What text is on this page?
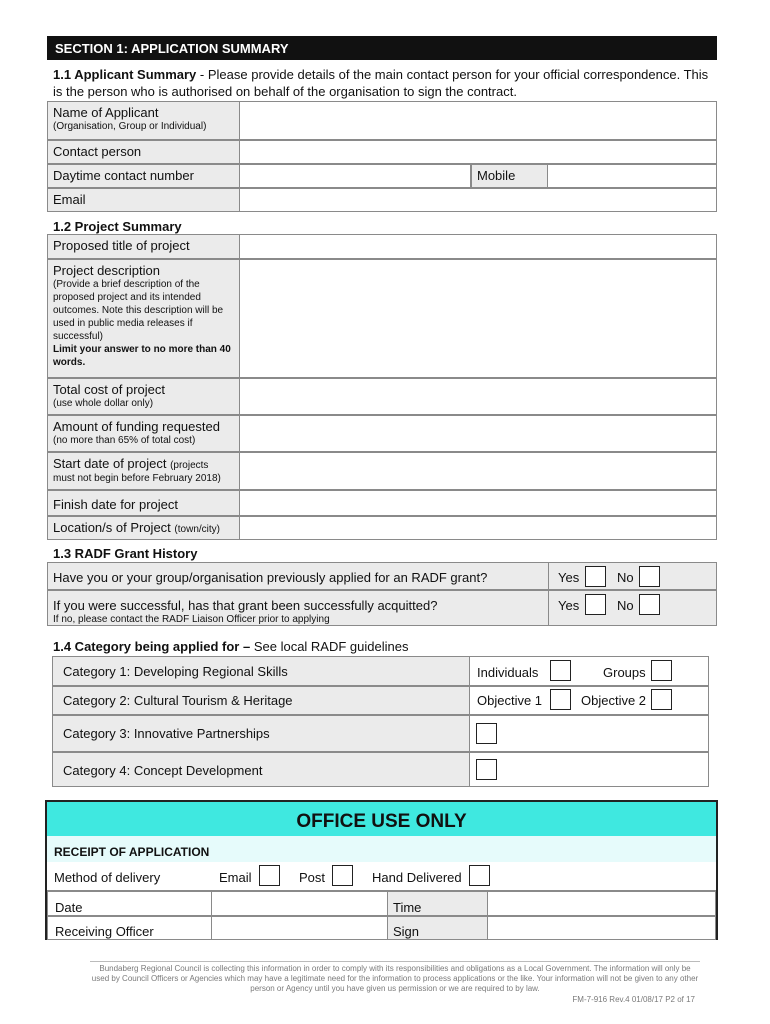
SECTION 1: APPLICATION SUMMARY
1.1 Applicant Summary - Please provide details of the main contact person for your official correspondence. This is the person who is authorised on behalf of the organisation to sign the contract.
Name of Applicant
(Organisation, Group or Individual)
Contact person
Daytime contact number	Mobile
Email
1.2 Project Summary
Proposed title of project
Project description
(Provide a brief description of the proposed project and its intended outcomes. Note this description will be used in public media releases if successful)
Limit your answer to no more than 40 words.
Total cost of project
(use whole dollar only)
Amount of funding requested
(no more than 65% of total cost)
Start date of project (projects
must not begin before February 2018)
Finish date for project
Location/s of Project (town/city)
1.3 RADF Grant History
Have you or your group/organisation previously applied for an RADF grant?	Yes	No
If you were successful, has that grant been successfully acquitted?
If no, please contact the RADF Liaison Officer prior to applying
Yes	No
1.4 Category being applied for – See local RADF guidelines
Category 1: Developing Regional Skills	Individuals	Groups
Category 2: Cultural Tourism & Heritage	Objective 1	Objective 2
Category 3: Innovative Partnerships
Category 4: Concept Development
OFFICE USE ONLY
RECEIPT OF APPLICATION
Method of delivery	Email	Post	Hand Delivered
Date	Time
Receiving Officer	Sign
Bundaberg Regional Council is collecting this information in order to comply with its responsibilities and obligations as a Local Government. The information will only be used by Council Officers or Agencies which may have a legitimate need for the information to process applications or the like. Your information will not be given to any other person or Agency until you have given us permission or we are required to by law.
FM-7-916 Rev.4 01/08/17 P2 of 17
